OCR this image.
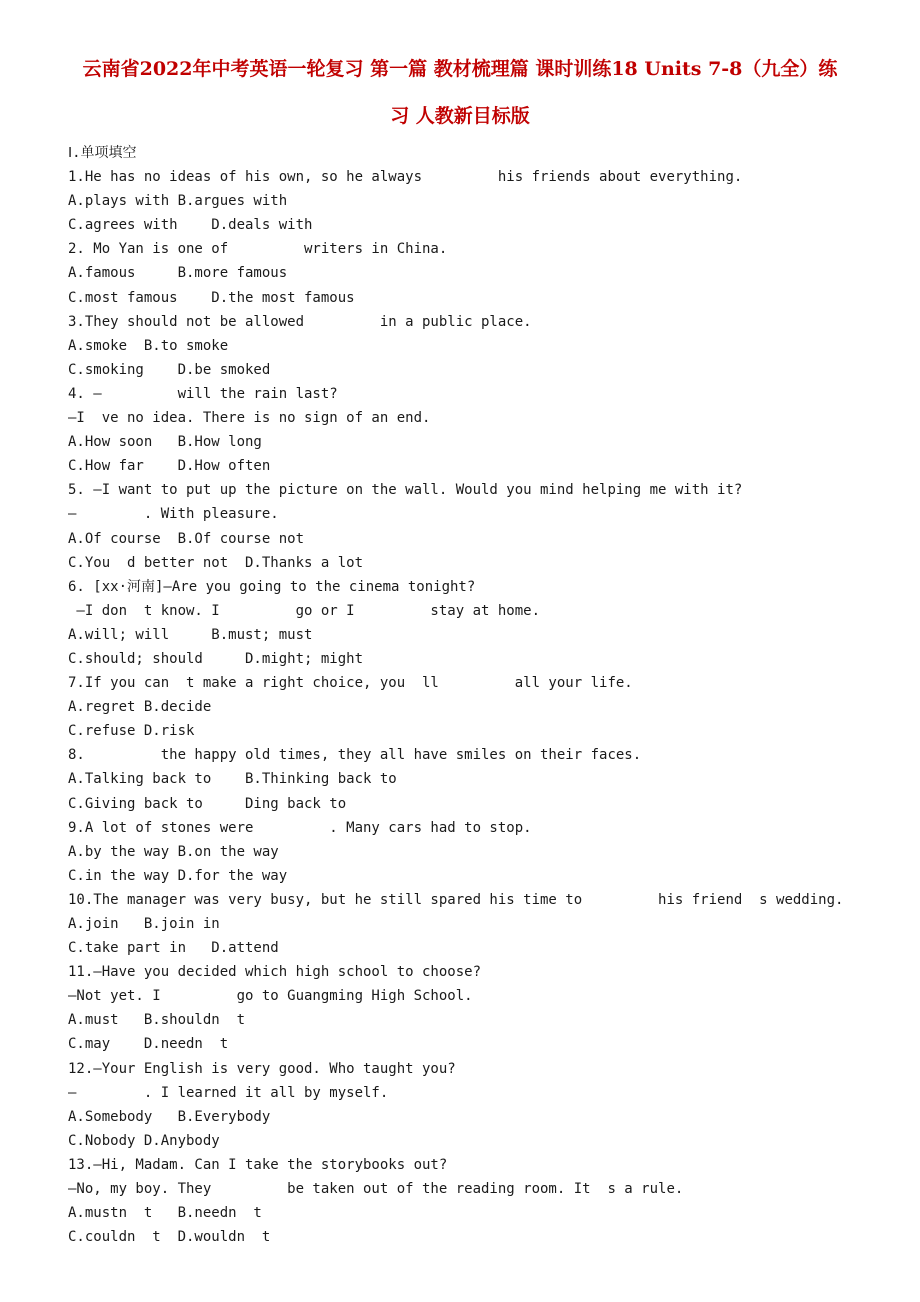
云南省2022年中考英语一轮复习 第一篇 教材梳理篇 课时训练18 Units 7-8（九全）练
习 人教新目标版
Ⅰ.单项填空
1.He has no ideas of his own, so he always         his friends about everything.
A.plays with B.argues with
C.agrees with    D.deals with
2. Mo Yan is one of         writers in China.
A.famous     B.more famous
C.most famous    D.the most famous
3.They should not be allowed         in a public place.
A.smoke  B.to smoke
C.smoking    D.be smoked
4. —         will the rain last?
—I  ve no idea. There is no sign of an end.
A.How soon   B.How long
C.How far    D.How often
5. —I want to put up the picture on the wall. Would you mind helping me with it?
—        . With pleasure.
A.Of course  B.Of course not
C.You  d better not  D.Thanks a lot
6. [xx·河南]—Are you going to the cinema tonight?
—I don  t know. I         go or I         stay at home.
A.will; will     B.must; must
C.should; should     D.might; might
7.If you can  t make a right choice, you  ll         all your life.
A.regret B.decide
C.refuse D.risk
8.         the happy old times, they all have smiles on their faces.
A.Talking back to    B.Thinking back to
C.Giving back to     Ding back to
9.A lot of stones were         . Many cars had to stop.
A.by the way B.on the way
C.in the way D.for the way
10.The manager was very busy, but he still spared his time to         his friend  s wedding.
A.join   B.join in
C.take part in   D.attend
11.—Have you decided which high school to choose?
—Not yet. I         go to Guangming High School.
A.must   B.shouldn  t
C.may    D.needn  t
12.—Your English is very good. Who taught you?
—        . I learned it all by myself.
A.Somebody   B.Everybody
C.Nobody D.Anybody
13.—Hi, Madam. Can I take the storybooks out?
—No, my boy. They         be taken out of the reading room. It  s a rule.
A.mustn  t   B.needn  t
C.couldn  t  D.wouldn  t
